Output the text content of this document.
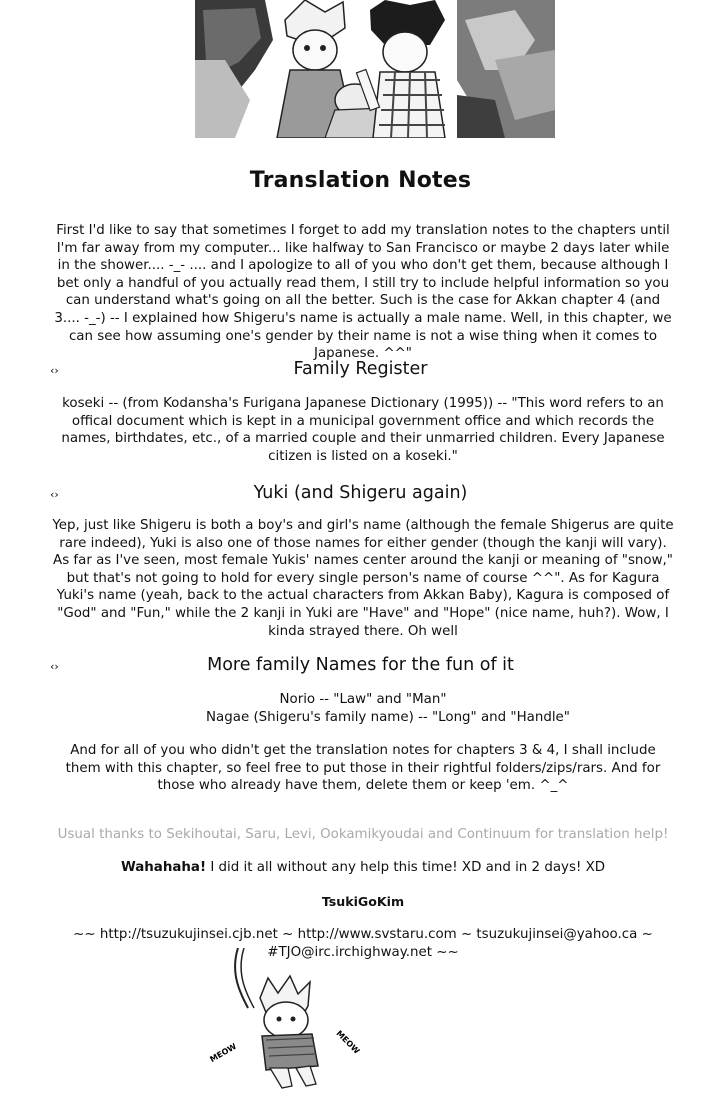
Translation Notes
First I'd like to say that sometimes I forget to add my translation notes to the chapters until I'm far away from my computer... like halfway to San Francisco or maybe 2 days later while in the shower.... -_- .... and I apologize to all of you who don't get them, because although I bet only a handful of you actually read them, I still try to include helpful information so you can understand what's going on all the better. Such is the case for Akkan chapter 4 (and 3.... -_-) -- I explained how Shigeru's name is actually a male name. Well, in this chapter, we can see how assuming one's gender by their name is not a wise thing when it comes to Japanese. ^^"
‹›	Family Register
koseki -- (from Kodansha's Furigana Japanese Dictionary (1995)) -- "This word refers to an offical document which is kept in a municipal government office and which records the names, birthdates, etc., of a married couple and their unmarried children. Every Japanese citizen is listed on a koseki."
‹›	Yuki (and Shigeru again)
Yep, just like Shigeru is both a boy's and girl's name (although the female Shigerus are quite rare indeed), Yuki is also one of those names for either gender (though the kanji will vary). As far as I've seen, most female Yukis' names center around the kanji or meaning of "snow," but that's not going to hold for every single person's name of course ^^". As for Kagura Yuki's name (yeah, back to the actual characters from Akkan Baby), Kagura is composed of "God" and "Fun," while the 2 kanji in Yuki are "Have" and "Hope" (nice name, huh?). Wow, I kinda strayed there. Oh well
‹›	More family Names for the fun of it
Norio -- "Law" and "Man"
Nagae (Shigeru's family name) -- "Long" and "Handle"
And for all of you who didn't get the translation notes for chapters 3 & 4, I shall include them with this chapter, so feel free to put those in their rightful folders/zips/rars. And for those who already have them, delete them or keep 'em. ^_^
Usual thanks to Sekihoutai, Saru, Levi, Ookamikyoudai and Continuum for translation help!
Wahahaha! I did it all without any help this time! XD and in 2 days! XD
TsukiGoKim
~~ http://tsuzukujinsei.cjb.net ~ http://www.svstaru.com ~ tsuzukujinsei@yahoo.ca ~
#TJO@irc.irchighway.net ~~
MEOW	MEOW
